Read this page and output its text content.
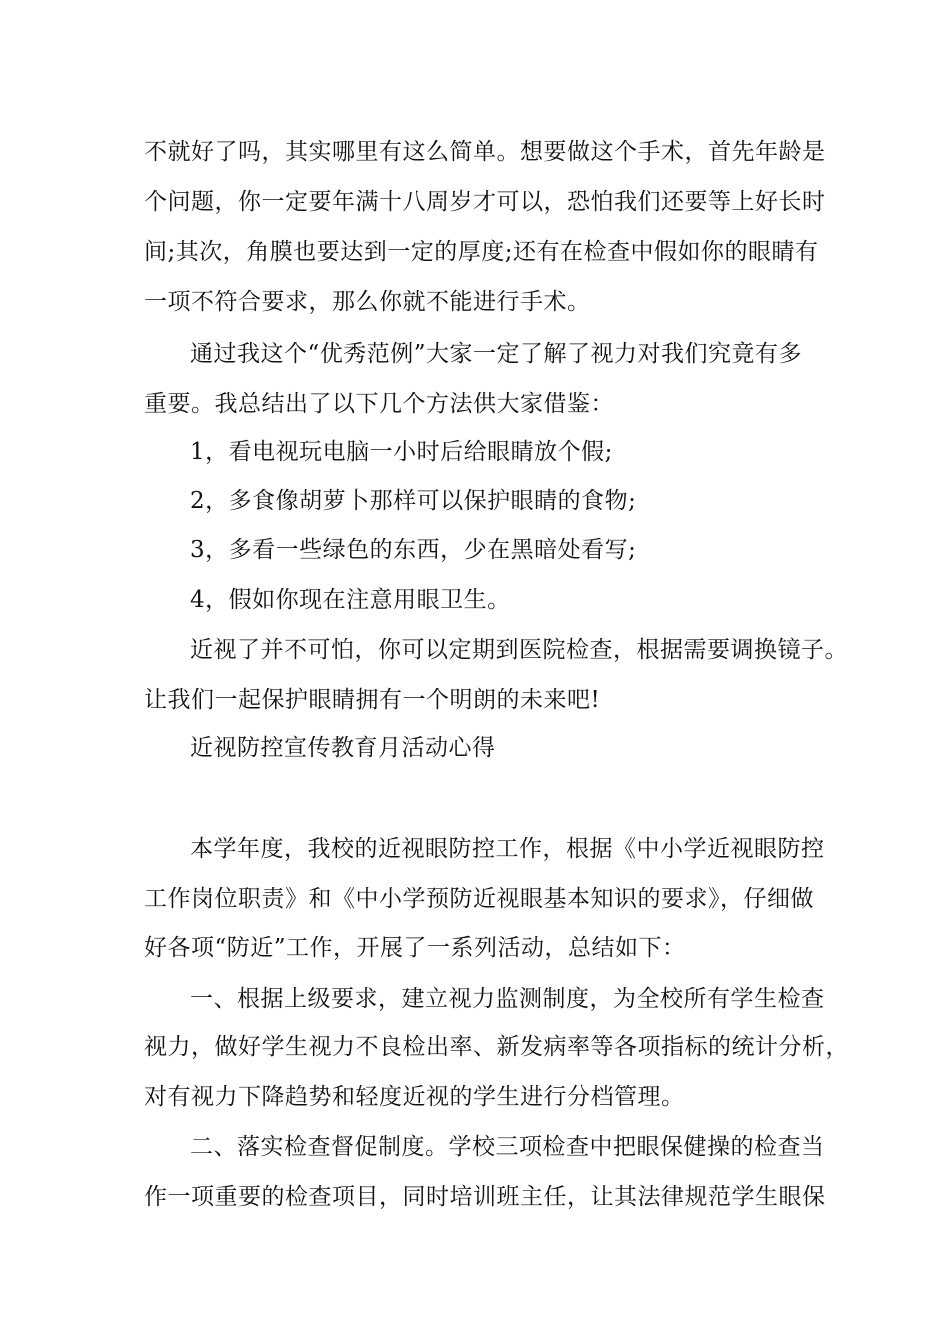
不就好了吗，其实哪里有这么简单。想要做这个手术，首先年龄是
个问题，你一定要年满十八周岁才可以，恐怕我们还要等上好长时
间;其次，角膜也要达到一定的厚度;还有在检查中假如你的眼睛有
一项不符合要求，那么你就不能进行手术。
通过我这个“优秀范例”大家一定了解了视力对我们究竟有多
重要。我总结出了以下几个方法供大家借鉴：
1，看电视玩电脑一小时后给眼睛放个假;
2，多食像胡萝卜那样可以保护眼睛的食物;
3，多看一些绿色的东西，少在黑暗处看写;
4，假如你现在注意用眼卫生。
近视了并不可怕，你可以定期到医院检查，根据需要调换镜子。
让我们一起保护眼睛拥有一个明朗的未来吧!
近视防控宣传教育月活动心得
本学年度，我校的近视眼防控工作，根据《中小学近视眼防控
工作岗位职责》和《中小学预防近视眼基本知识的要求》，仔细做
好各项“防近”工作，开展了一系列活动，总结如下：
一、根据上级要求，建立视力监测制度，为全校所有学生检查
视力，做好学生视力不良检出率、新发病率等各项指标的统计分析，
对有视力下降趋势和轻度近视的学生进行分档管理。
二、落实检查督促制度。学校三项检查中把眼保健操的检查当
作一项重要的检查项目，同时培训班主任，让其法律规范学生眼保
